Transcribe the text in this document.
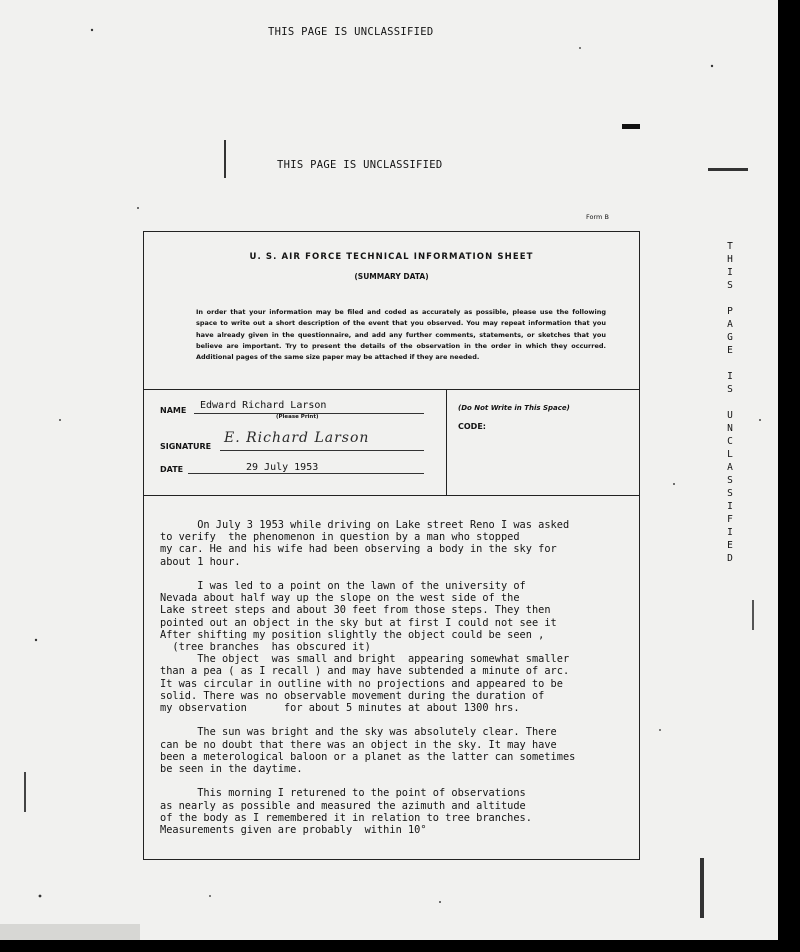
THIS PAGE IS UNCLASSIFIED
THIS PAGE IS UNCLASSIFIED
Form B
U. S. AIR FORCE TECHNICAL INFORMATION SHEET
(SUMMARY DATA)
In order that your information may be filed and coded as accurately as possible, please use the following space to write out a short description of the event that you observed. You may repeat information that you have already given in the questionnaire, and add any further comments, statements, or sketches that you believe are important. Try to present the details of the observation in the order in which they occurred. Additional pages of the same size paper may be attached if they are needed.
NAME Edward Richard Larson
(Please Print)
SIGNATURE
E. Richard Larson
DATE	29 July 1953
(Do Not Write in This Space)
CODE:
On July 3 1953 while driving on Lake street Reno I was asked
to verify  the phenomenon in question by a man who stopped
my car. He and his wife had been observing a body in the sky for
about 1 hour.

I was led to a point on the lawn of the university of
Nevada about half way up the slope on the west side of the
Lake street steps and about 30 feet from those steps. They then
pointed out an object in the sky but at first I could not see it
After shifting my position slightly the object could be seen ,
(tree branches  has obscured it)
The object  was small and bright  appearing somewhat smaller
than a pea ( as I recall ) and may have subtended a minute of arc.
It was circular in outline with no projections and appeared to be
solid. There was no observable movement during the duration of
my observation      for about 5 minutes at about 1300 hrs.

The sun was bright and the sky was absolutely clear. There
can be no doubt that there was an object in the sky. It may have
been a meterological baloon or a planet as the latter can sometimes
be seen in the daytime.

This morning I returened to the point of observations
as nearly as possible and measured the azimuth and altitude
of the body as I remembered it in relation to tree branches.
Measurements given are probably  within 10°
T
H
I
S
P
A
G
E
I
S
U
N
C
L
A
S
S
I
F
I
E
D
